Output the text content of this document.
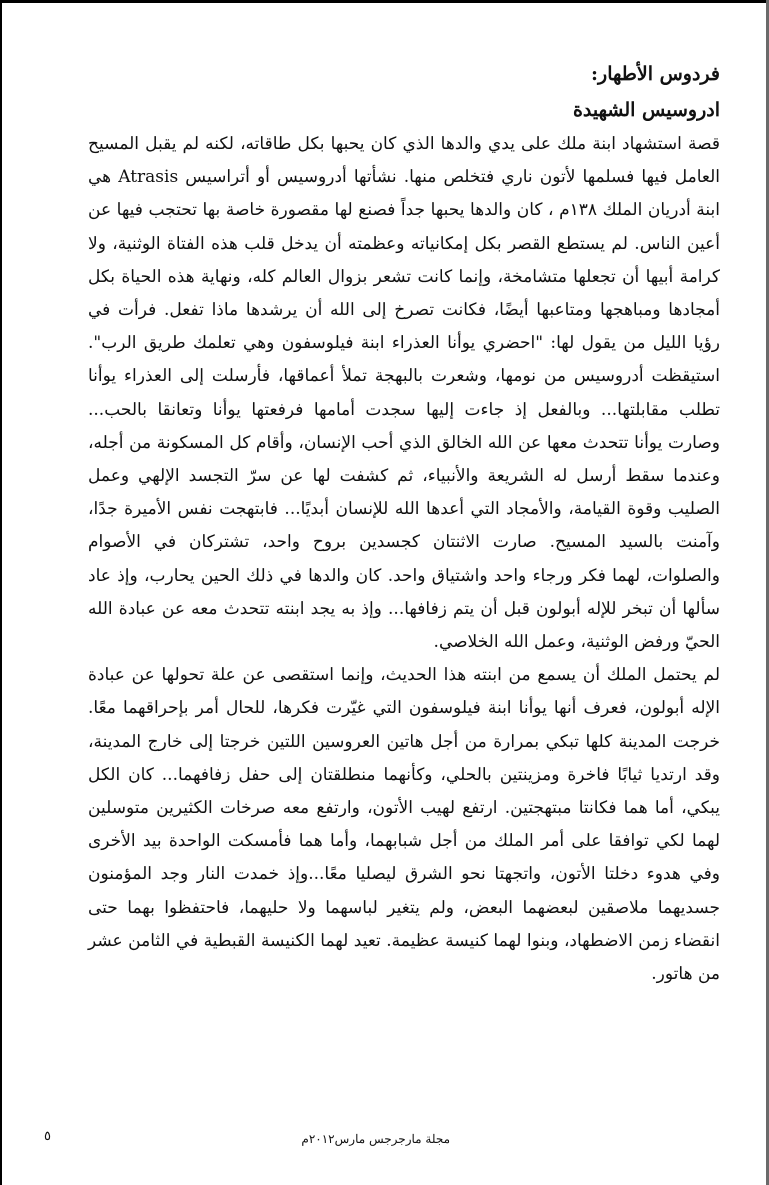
فردوس الأطهار:
ادروسيس الشهيدة

قصة استشهاد ابنة ملك على يدي والدها الذي كان يحبها بكل طاقاته، لكنه لم يقبل المسيح العامل فيها فسلمها لأتون ناري فتخلص منها. نشأتها أدروسيس أو أتراسيس Atrasis هي ابنة أدريان الملك ١٣٨م ، كان والدها يحبها جداً فصنع لها مقصورة خاصة بها تحتجب فيها عن أعين الناس. لم يستطع القصر بكل إمكانياته وعظمته أن يدخل قلب هذه الفتاة الوثنية، ولا كرامة أبيها أن تجعلها متشامخة، وإنما كانت تشعر بزوال العالم كله، ونهاية هذه الحياة بكل أمجادها ومباهجها ومتاعبها أيضًا، فكانت تصرخ إلى الله أن يرشدها ماذا تفعل. فرأت في رؤيا الليل من يقول لها: "احضري يوأنا العذراء ابنة فيلوسفون وهي تعلمك طريق الرب". استيقظت أدروسيس من نومها، وشعرت بالبهجة تملأ أعماقها، فأرسلت إلى العذراء يوأنا تطلب مقابلتها... وبالفعل إذ جاءت إليها سجدت أمامها فرفعتها يوأنا وتعانقا بالحب... وصارت يوأنا تتحدث معها عن الله الخالق الذي أحب الإنسان، وأقام كل المسكونة من أجله، وعندما سقط أرسل له الشريعة والأنبياء، ثم كشفت لها عن سرّ التجسد الإلهي وعمل الصليب وقوة القيامة، والأمجاد التي أعدها الله للإنسان أبديًا... فابتهجت نفس الأميرة جدًا، وآمنت بالسيد المسيح. صارت الاثنتان كجسدين بروح واحد، تشتركان في الأصوام والصلوات، لهما فكر ورجاء واحد واشتياق واحد. كان والدها في ذلك الحين يحارب، وإذ عاد سألها أن تبخر للإله أبولون قبل أن يتم زفافها... وإذ به يجد ابنته تتحدث معه عن عبادة الله الحيّ ورفض الوثنية، وعمل الله الخلاصي.

لم يحتمل الملك أن يسمع من ابنته هذا الحديث، وإنما استقصى عن علة تحولها عن عبادة الإله أبولون، فعرف أنها يوأنا ابنة فيلوسفون التي غيّرت فكرها، للحال أمر بإحراقهما معًا. خرجت المدينة كلها تبكي بمرارة من أجل هاتين العروسين اللتين خرجتا إلى خارج المدينة، وقد ارتديا ثيابًا فاخرة ومزينتين بالحلي، وكأنهما منطلقتان إلى حفل زفافهما... كان الكل يبكي، أما هما فكانتا مبتهجتين. ارتفع لهيب الأتون، وارتفع معه صرخات الكثيرين متوسلين لهما لكي توافقا على أمر الملك من أجل شبابهما، وأما هما فأمسكت الواحدة بيد الأخرى وفي هدوء دخلتا الأتون، واتجهتا نحو الشرق ليصليا معًا...وإذ خمدت النار وجد المؤمنون جسديهما ملاصقين لبعضهما البعض، ولم يتغير لباسهما ولا حليهما، فاحتفظوا بهما حتى انقضاء زمن الاضطهاد، وبنوا لهما كنيسة عظيمة. تعيد لهما الكنيسة القبطية في الثامن عشر من هاتور.

مجلة مارجرجس مارس٢٠١٢م
٥
